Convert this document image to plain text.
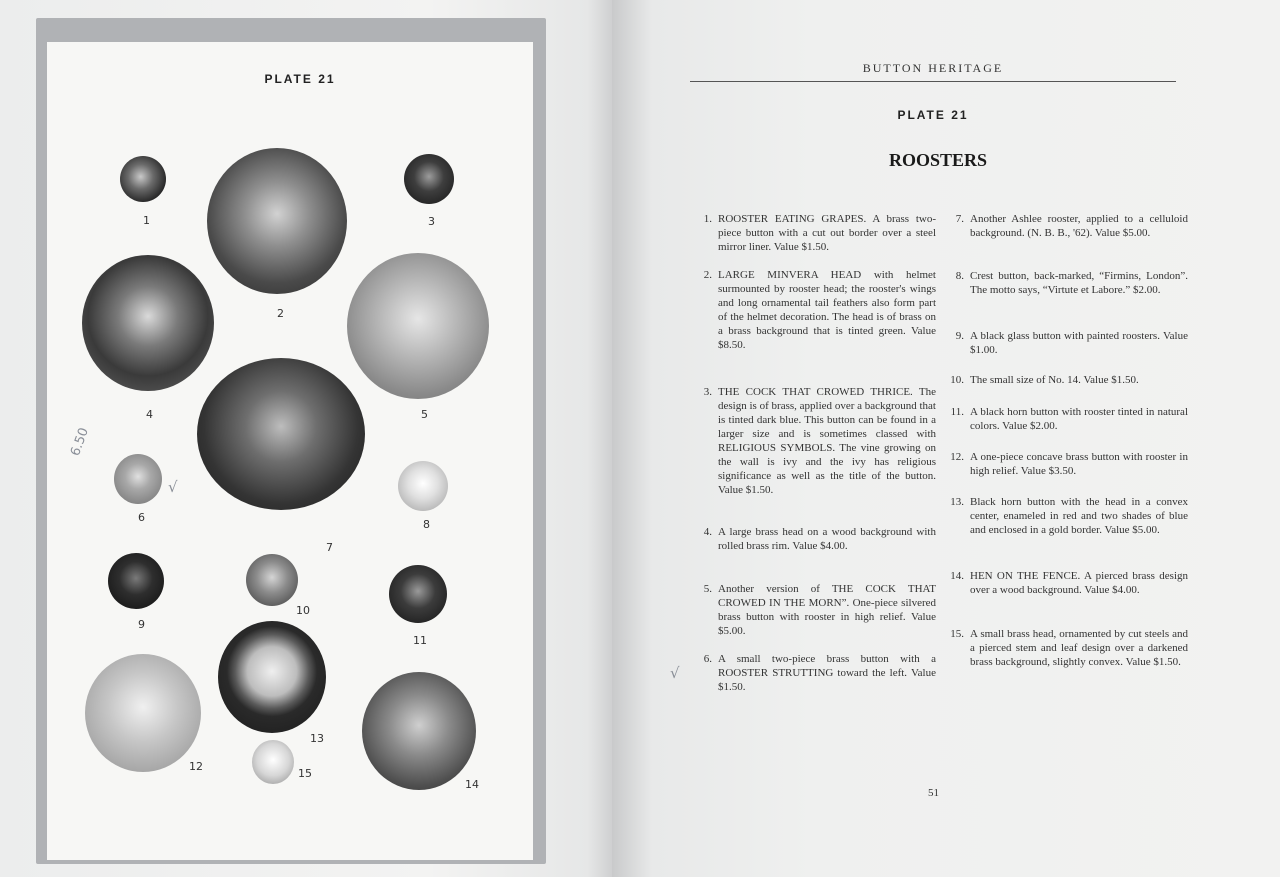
PLATE 21
1
2
3
4	5
6
7
8
9
10
11
12
13
14
15
6.50
√
BUTTON HERITAGE
PLATE 21
ROOSTERS
1. ROOSTER EATING GRAPES. A brass two-piece button with a cut out border over a steel mirror liner. Value $1.50.
2. LARGE MINVERA HEAD with helmet surmounted by rooster head; the rooster's wings and long ornamental tail feathers also form part of the helmet decoration. The head is of brass on a brass background that is tinted green. Value $8.50.
3. THE COCK THAT CROWED THRICE. The design is of brass, applied over a background that is tinted dark blue. This button can be found in a larger size and is sometimes classed with RELIGIOUS SYMBOLS. The vine growing on the wall is ivy and the ivy has religious significance as well as the title of the button. Value $1.50.
4. A large brass head on a wood background with rolled brass rim. Value $4.00.
5. Another version of THE COCK THAT CROWED IN THE MORN”. One-piece silvered brass button with rooster in high relief. Value $5.00.
6. A small two-piece brass button with a ROOSTER STRUTTING toward the left. Value $1.50.
7. Another Ashlee rooster, applied to a celluloid background. (N. B. B., '62). Value $5.00.
8. Crest button, back-marked, “Firmins, London”. The motto says, “Virtute et Labore.” $2.00.
9. A black glass button with painted roosters. Value $1.00.
10. The small size of No. 14. Value $1.50.
11. A black horn button with rooster tinted in natural colors. Value $2.00.
12. A one-piece concave brass button with rooster in high relief. Value $3.50.
13. Black horn button with the head in a convex center, enameled in red and two shades of blue and enclosed in a gold border. Value $5.00.
14. HEN ON THE FENCE. A pierced brass design over a wood background. Value $4.00.
15. A small brass head, ornamented by cut steels and a pierced stem and leaf design over a darkened brass background, slightly convex. Value $1.50.
√
51
